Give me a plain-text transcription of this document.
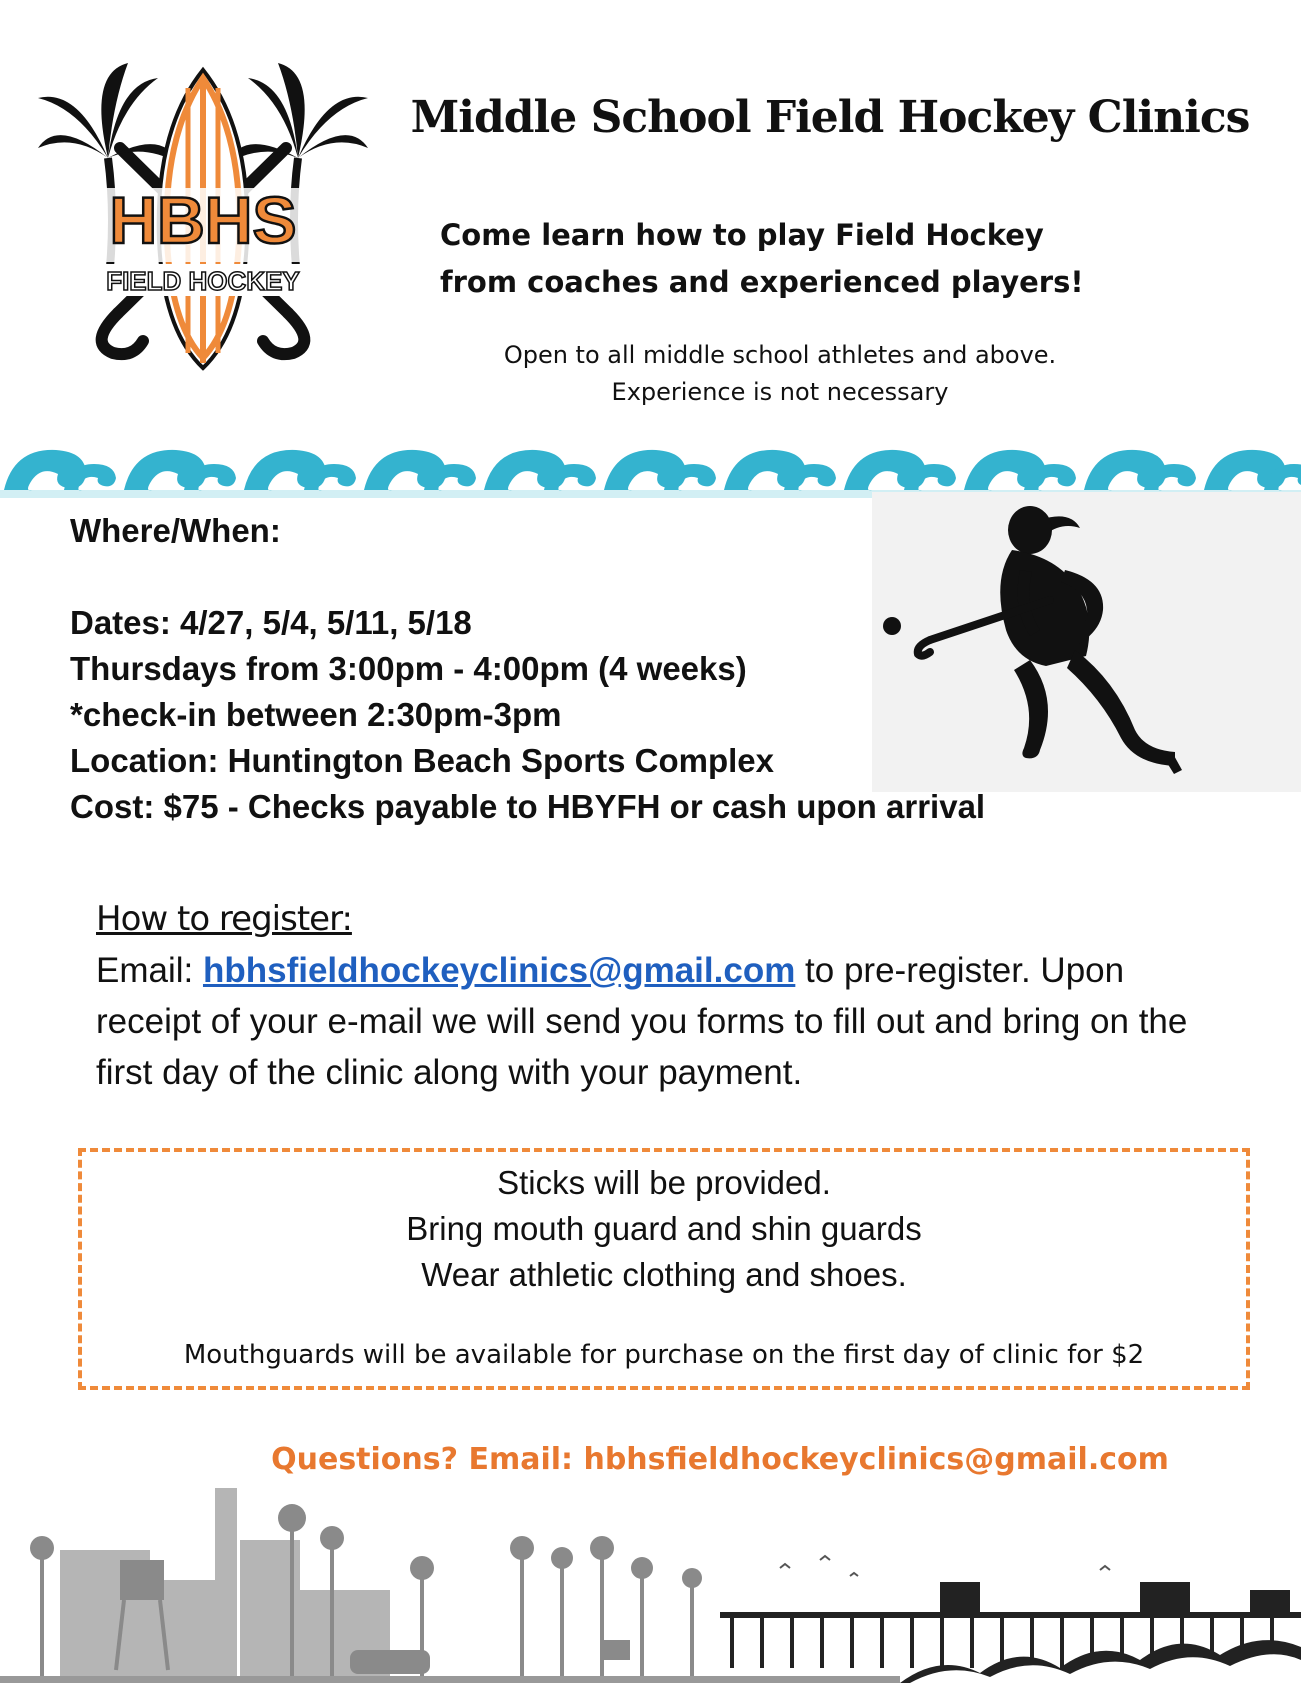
HBHS
FIELD HOCKEY
Middle School Field Hockey Clinics
Come learn how to play Field Hockey
from coaches and experienced players!
Open to all middle school athletes and above.
Experience is not necessary
Where/When:
Dates: 4/27, 5/4, 5/11, 5/18
Thursdays from 3:00pm - 4:00pm (4 weeks)
*check-in between 2:30pm-3pm
Location: Huntington Beach Sports Complex
Cost: $75 - Checks payable to HBYFH or cash upon arrival
How to register:
Email: hbhsfieldhockeyclinics@gmail.com to pre-register. Upon receipt of your e-mail we will send you forms to fill out and bring on the first day of the clinic along with your payment.
Sticks will be provided.
Bring mouth guard and shin guards
Wear athletic clothing and shoes.
Mouthguards will be available for purchase on the first day of clinic for $2
Questions? Email: hbhsfieldhockeyclinics@gmail.com
